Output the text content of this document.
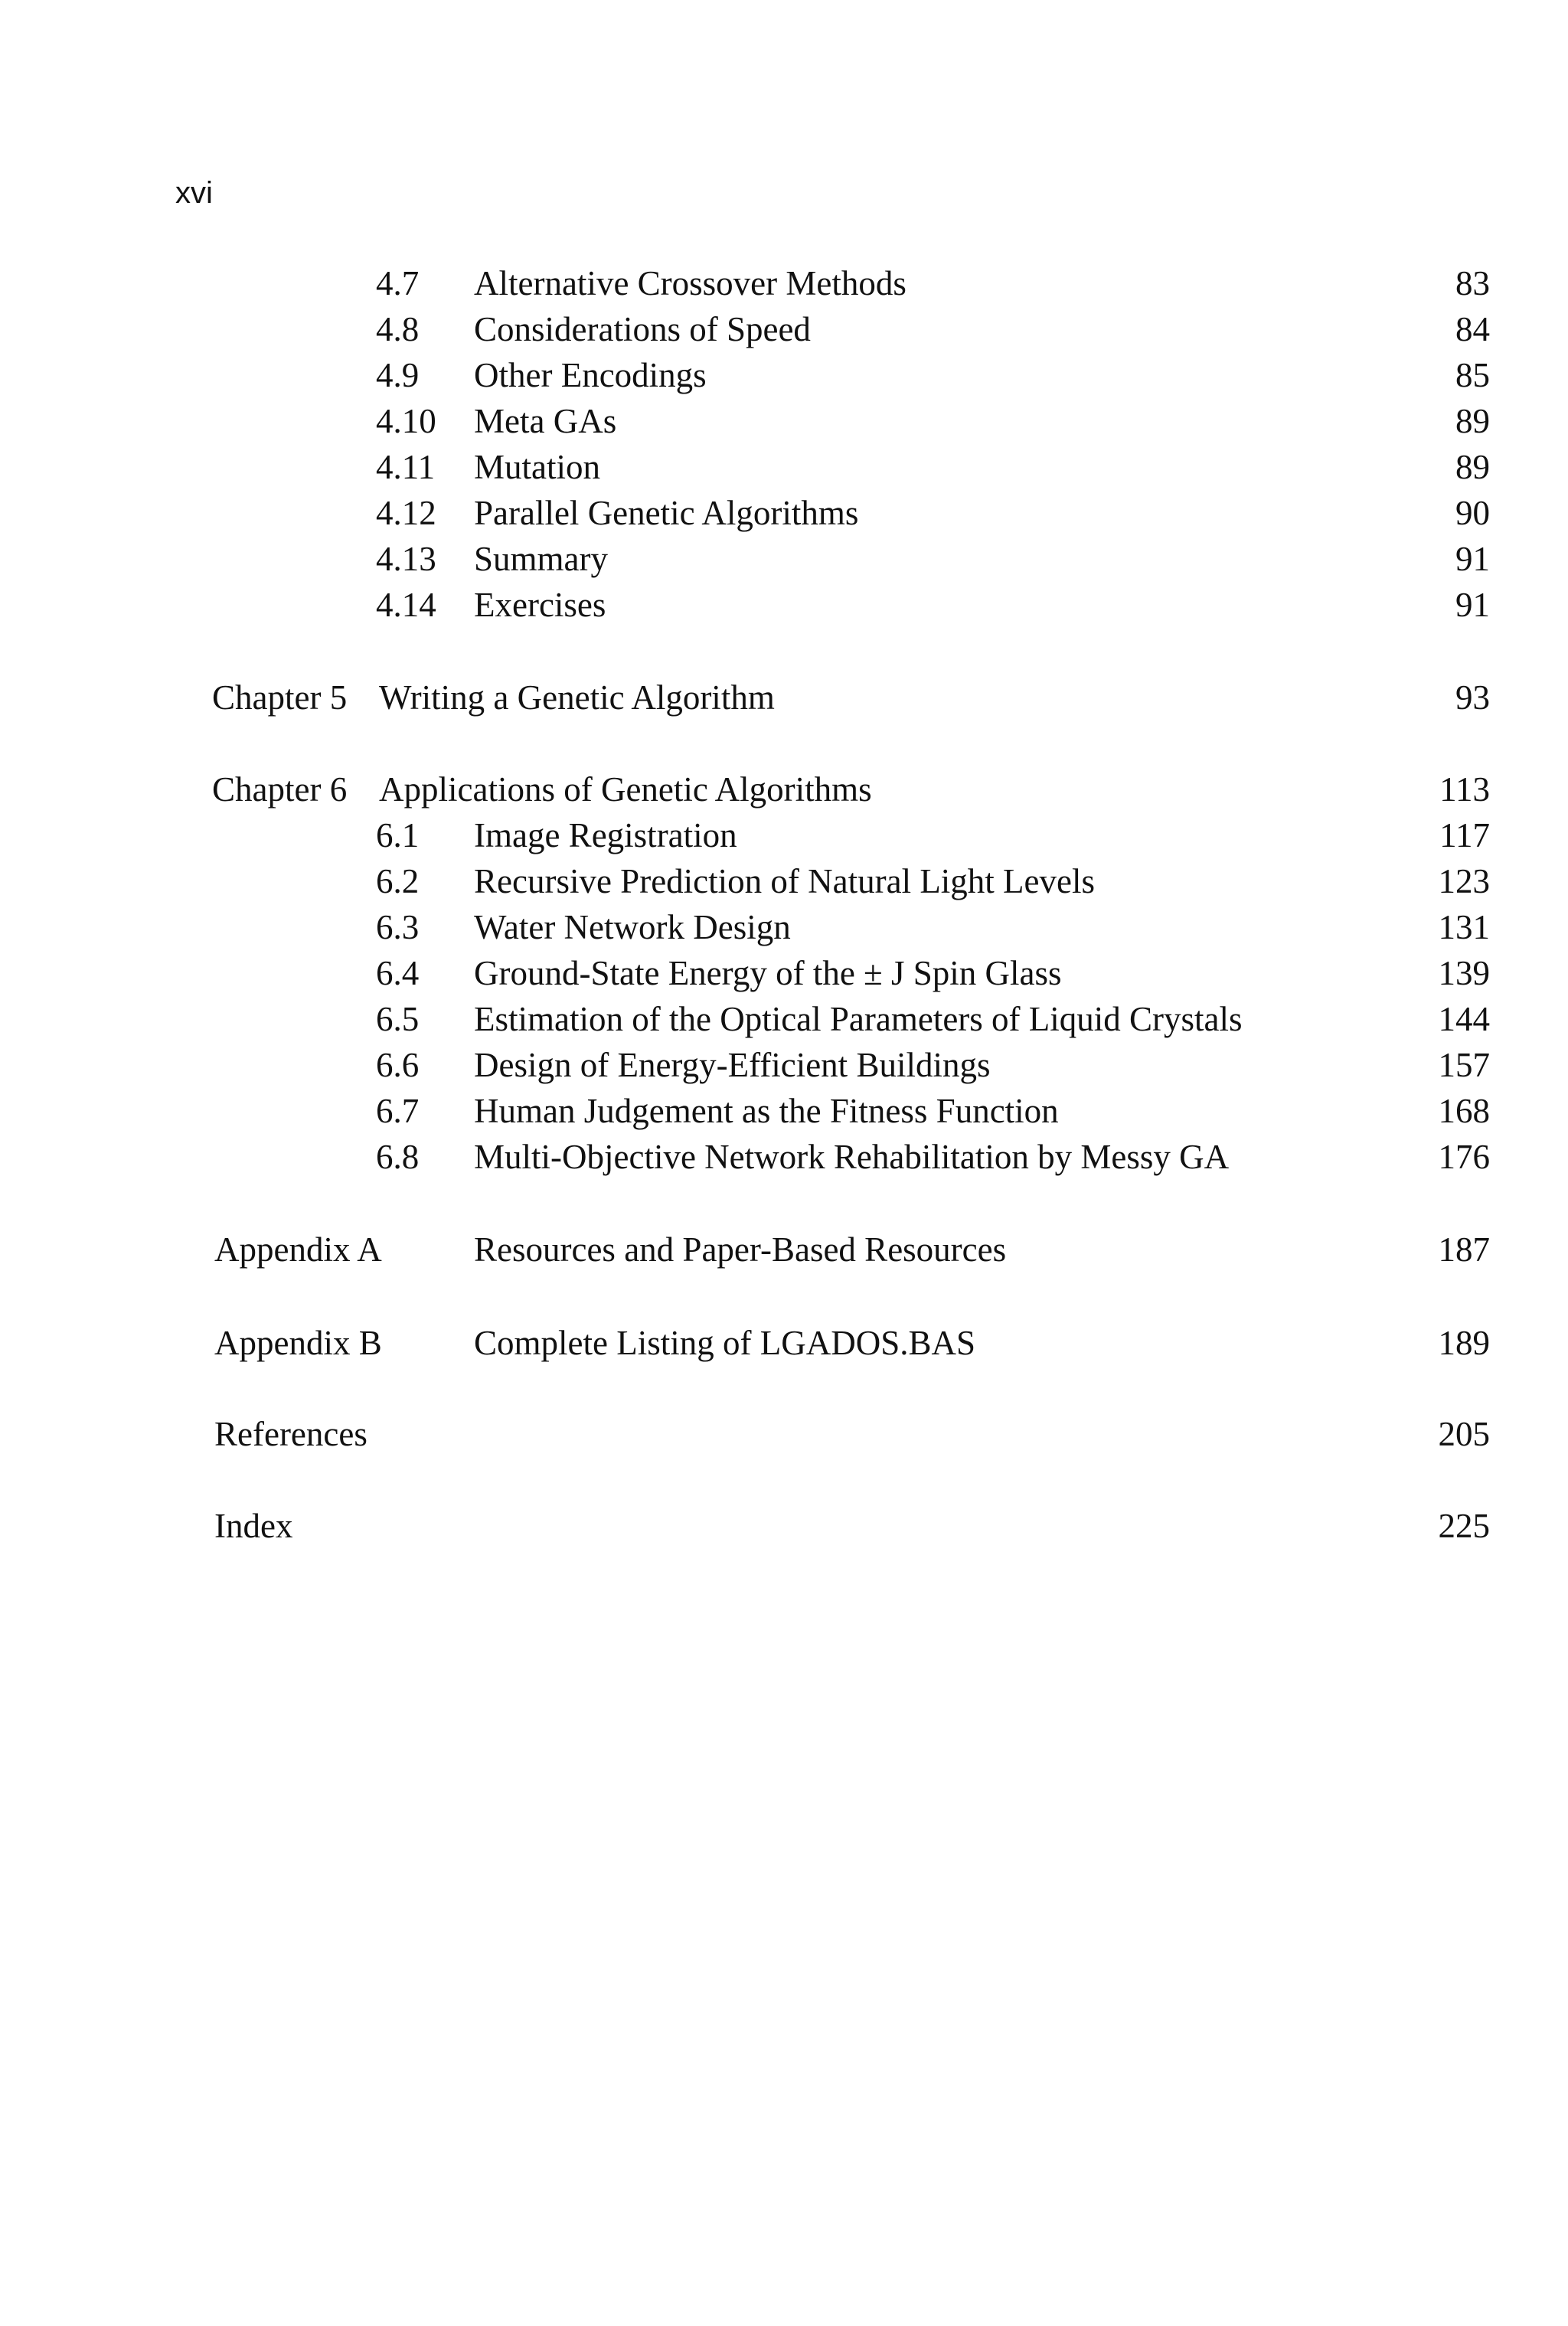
xvi
4.7 Alternative Crossover Methods	83
4.8 Considerations of Speed	84
4.9 Other Encodings	85
4.10 Meta GAs	89
4.11 Mutation	89
4.12 Parallel Genetic Algorithms	90
4.13 Summary	91
4.14 Exercises	91
Chapter 5 Writing a Genetic Algorithm	93
Chapter 6 Applications of Genetic Algorithms	113
6.1 Image Registration	117
6.2 Recursive Prediction of Natural Light Levels	123
6.3 Water Network Design	131
6.4 Ground-State Energy of the ± J Spin Glass	139
6.5 Estimation of the Optical Parameters of Liquid Crystals	144
6.6 Design of Energy-Efficient Buildings	157
6.7 Human Judgement as the Fitness Function	168
6.8 Multi-Objective Network Rehabilitation by Messy GA	176
Appendix A	Resources and Paper-Based Resources	187
Appendix B	Complete Listing of LGADOS.BAS	189
References	205
Index	225
